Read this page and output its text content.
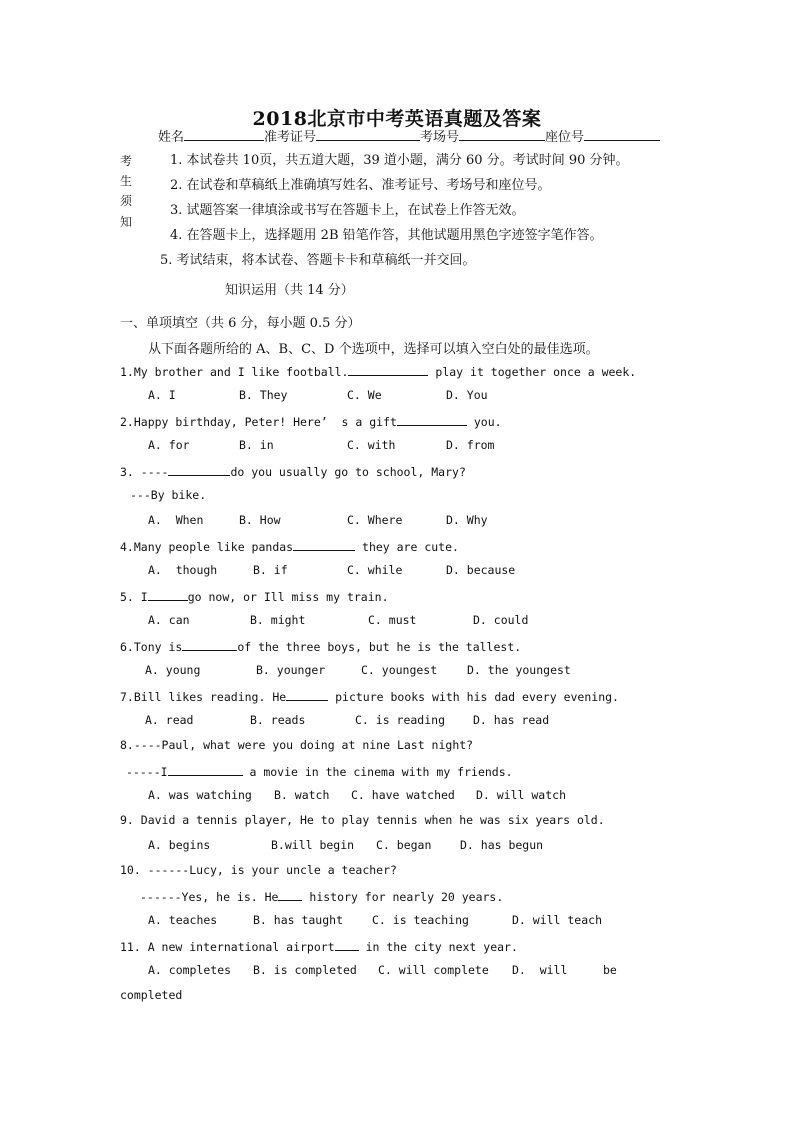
2018北京市中考英语真题及答案
姓名	准考证号	考场号	座位号
考
生
须
知
1. 本试卷共 10页，共五道大题，39 道小题，满分 60 分。考试时间 90 分钟。
2. 在试卷和草稿纸上准确填写姓名、准考证号、考场号和座位号。
3. 试题答案一律填涂或书写在答题卡上，在试卷上作答无效。
4. 在答题卡上，选择题用 2B 铅笔作答，其他试题用黑色字迹签字笔作答。
5. 考试结束，将本试卷、答题卡卡和草稿纸一并交回。
知识运用（共 14 分）
一、单项填空（共 6 分，每小题 0.5 分）
从下面各题所给的 A、B、C、D 个选项中，选择可以填入空白处的最佳选项。
1.My brother and I like football.	play it together once a week.
A. I	B. They	C. We	D. You
2.Happy birthday, Peter! Here’  s a gift	you.
A. for	B. in	C. with	D. from
3. ----	do you usually go to school, Mary?
---By bike.
A.  When	B. How	C. Where	D. Why
4.Many people like pandas	they are cute.
A.  though	B. if	C. while	D. because
5. I	go now, or Ill miss my train.
A. can	B. might	C. must	D. could
6.Tony is	of the three boys, but he is the tallest.
A. young	B. younger	C. youngest	D. the youngest
7.Bill likes reading. He	picture books with his dad every evening.
A. read	B. reads	C. is reading D. has read
8.----Paul, what were you doing at nine Last night?
-----I	a movie in the cinema with my friends.
A. was watching B. watch C. have watched D. will watch
9. David a tennis player, He to play tennis when he was six years old.
A. begins	B.will begin C. began D. has begun
10. ------Lucy, is your uncle a teacher?
------Yes, he is. He history for nearly 20 years.
A. teaches	B. has taught	C. is teaching	D. will teach
11. A new international airport in the city next year.
A. completes B. is completed C. will complete D.  will	be
completed
